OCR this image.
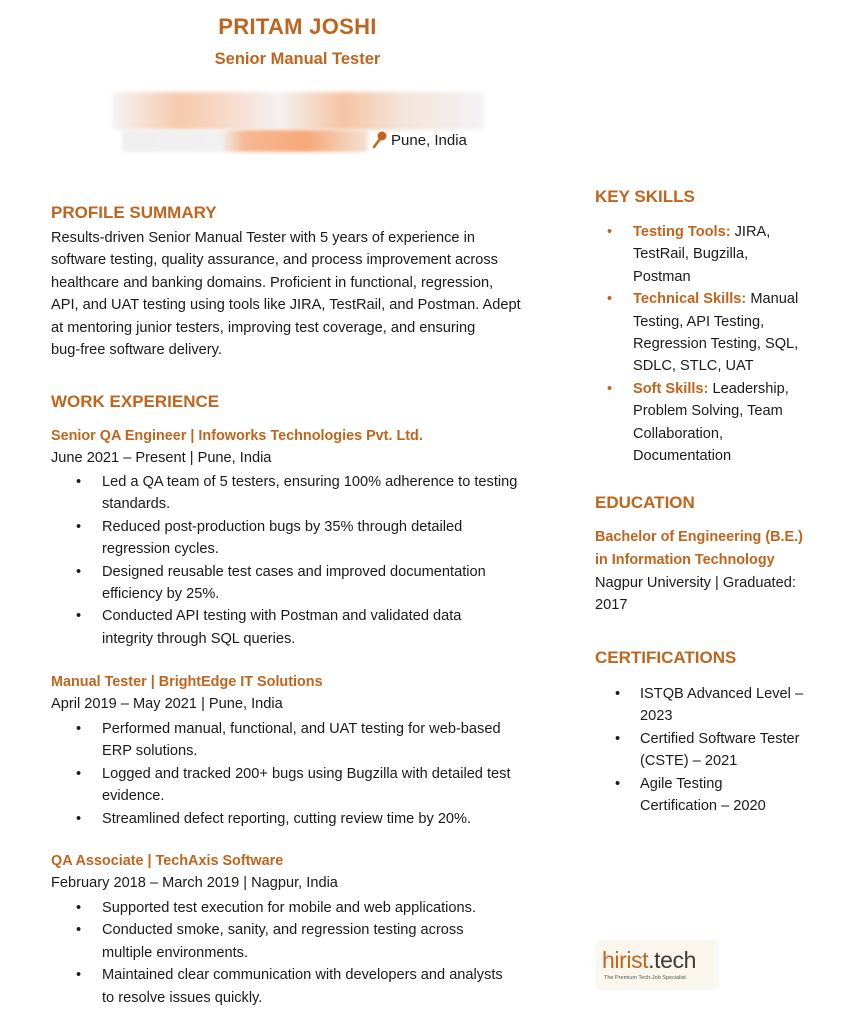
PRITAM JOSHI
Senior Manual Tester
Pune, India
PROFILE SUMMARY
Results-driven Senior Manual Tester with 5 years of experience in
software testing, quality assurance, and process improvement across
healthcare and banking domains. Proficient in functional, regression,
API, and UAT testing using tools like JIRA, TestRail, and Postman. Adept
at mentoring junior testers, improving test coverage, and ensuring
bug-free software delivery.
WORK EXPERIENCE
Senior QA Engineer | Infoworks Technologies Pvt. Ltd.
June 2021 – Present | Pune, India
• Led a QA team of 5 testers, ensuring 100% adherence to testing
standards.
• Reduced post-production bugs by 35% through detailed
regression cycles.
• Designed reusable test cases and improved documentation
efficiency by 25%.
• Conducted API testing with Postman and validated data
integrity through SQL queries.
Manual Tester | BrightEdge IT Solutions
April 2019 – May 2021 | Pune, India
• Performed manual, functional, and UAT testing for web-based
ERP solutions.
• Logged and tracked 200+ bugs using Bugzilla with detailed test
evidence.
• Streamlined defect reporting, cutting review time by 20%.
QA Associate | TechAxis Software
February 2018 – March 2019 | Nagpur, India
• Supported test execution for mobile and web applications.
• Conducted smoke, sanity, and regression testing across
multiple environments.
• Maintained clear communication with developers and analysts
to resolve issues quickly.
KEY SKILLS
• Testing Tools: JIRA,
TestRail, Bugzilla,
Postman
• Technical Skills: Manual
Testing, API Testing,
Regression Testing, SQL,
SDLC, STLC, UAT
• Soft Skills: Leadership,
Problem Solving, Team
Collaboration,
Documentation
EDUCATION
Bachelor of Engineering (B.E.)
in Information Technology
Nagpur University | Graduated:
2017
CERTIFICATIONS
• ISTQB Advanced Level –
2023
• Certified Software Tester
(CSTE) – 2021
• Agile Testing
Certification – 2020
hirist.tech
The Premium Tech-Job Specialist
